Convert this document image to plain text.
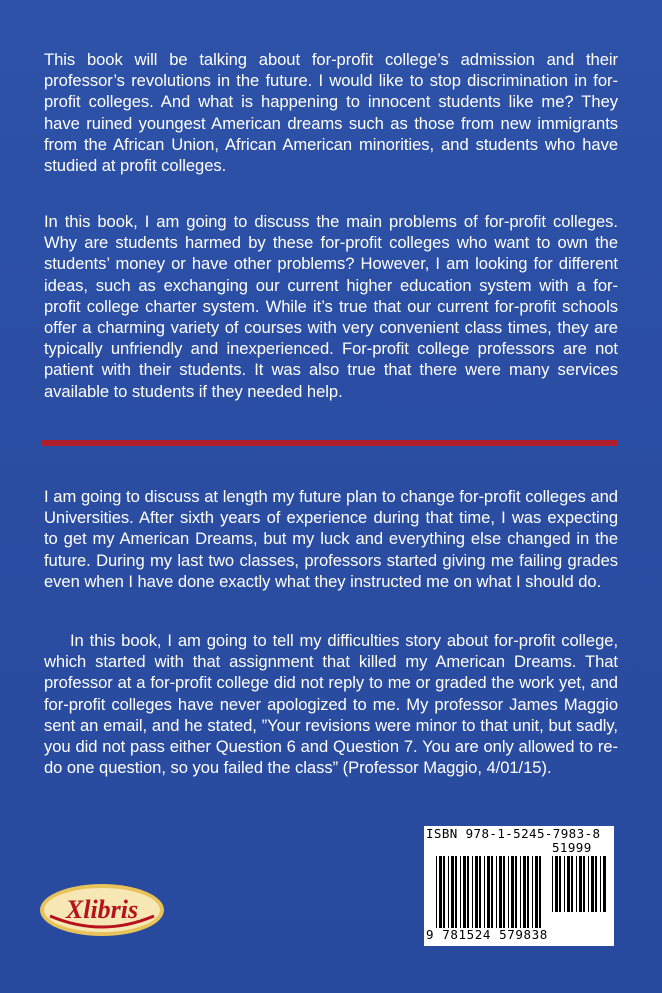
This book will be talking about for-profit college’s admission and their professor’s revolutions in the future. I would like to stop discrimination in for-profit colleges. And what is happening to innocent students like me? They have ruined youngest American dreams such as those from new immigrants from the African Union, African American minorities, and students who have studied at profit colleges.

In this book, I am going to discuss the main problems of for-profit colleges. Why are students harmed by these for-profit colleges who want to own the students’ money or have other problems? However, I am looking for different ideas, such as exchanging our current higher education system with a for-profit college charter system. While it’s true that our current for-profit schools offer a charming variety of courses with very convenient class times, they are typically unfriendly and inexperienced. For-profit college professors are not patient with their students. It was also true that there were many services available to students if they needed help.

I am going to discuss at length my future plan to change for-profit colleges and Universities. After sixth years of experience during that time, I was expecting to get my American Dreams, but my luck and everything else changed in the future. During my last two classes, professors started giving me failing grades even when I have done exactly what they instructed me on what I should do.

In this book, I am going to tell my difficulties story about for-profit college, which started with that assignment that killed my American Dreams. That professor at a for-profit college did not reply to me or graded the work yet, and for-profit colleges have never apologized to me. My professor James Maggio sent an email, and he stated, ”Your revisions were minor to that unit, but sadly, you did not pass either Question 6 and Question 7. You are only allowed to re-do one question, so you failed the class” (Professor Maggio, 4/01/15).

Xlibris
ISBN 978-1-5245-7983-8
51999
9 781524 579838
